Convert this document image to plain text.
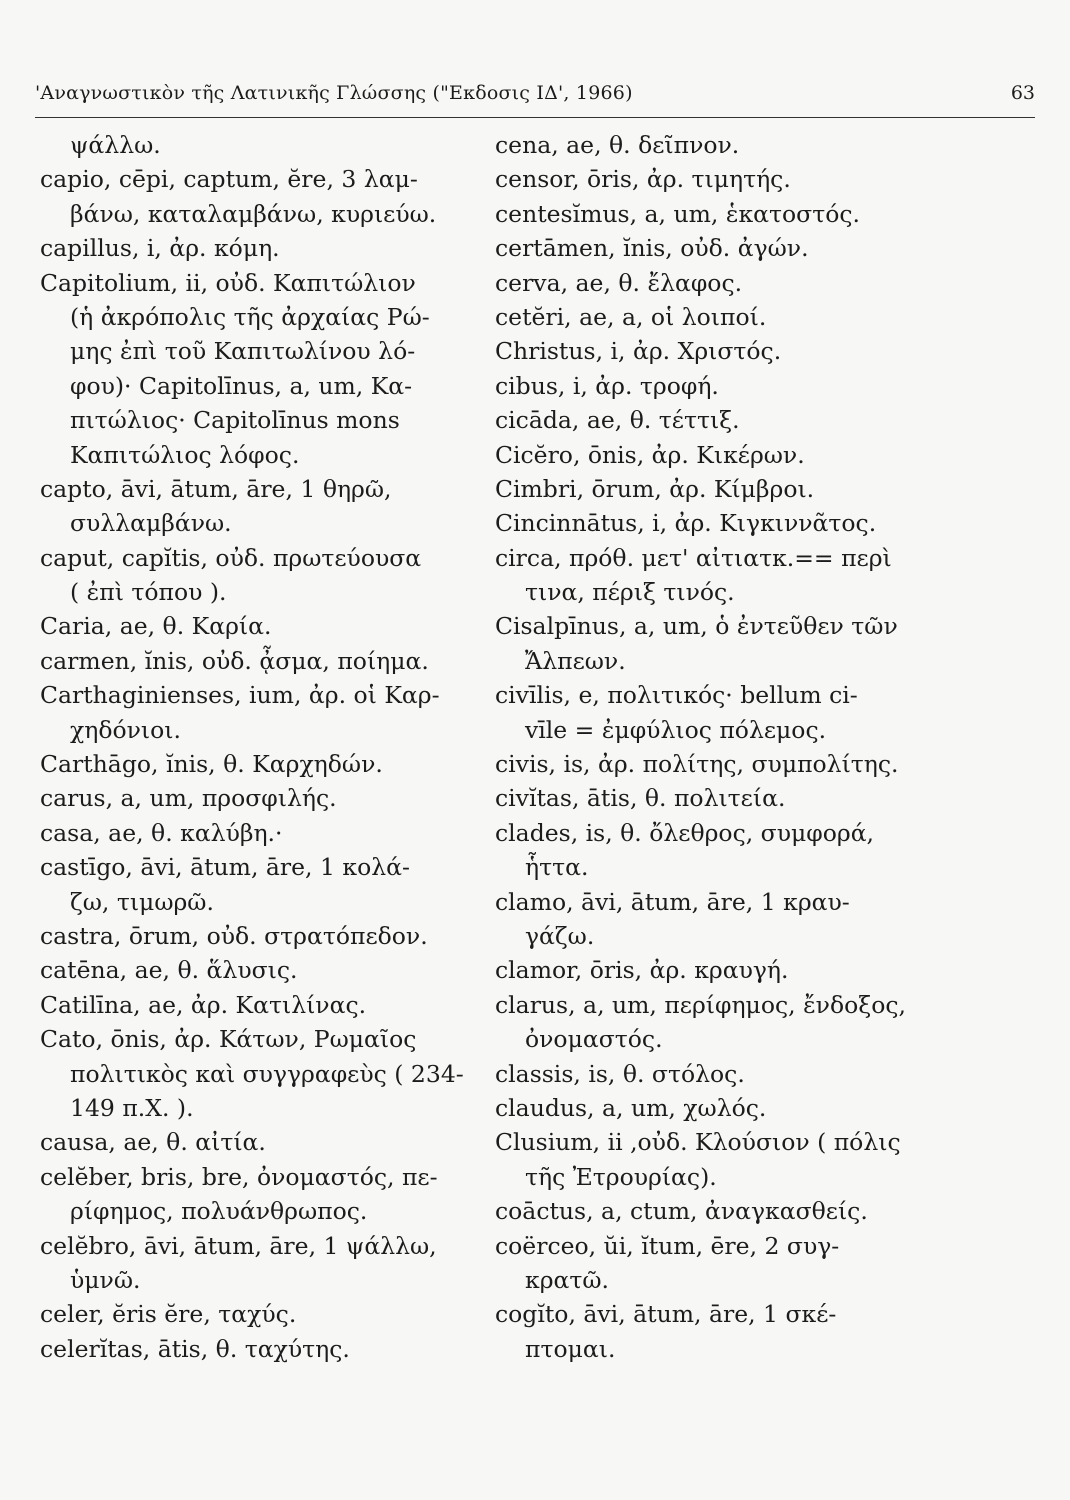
'Αναγνωστικὸν τῆς Λατινικῆς Γλώσσης ("Εκδοσις ΙΔ', 1966)	63
ψάλλω.
capio, cēpi, captum, ĕre, 3 λαμ-
βάνω, καταλαμβάνω, κυριεύω.
capillus, i, ἀρ. κόμη.
Capitolium, ii, οὐδ. Καπιτώλιον
(ἡ ἀκρόπολις τῆς ἀρχαίας Ρώ-
μης ἐπὶ τοῦ Καπιτωλίνου λό-
φου)· Capitolīnus, a, um, Κα-
πιτώλιος· Capitolīnus mons
Καπιτώλιος λόφος.
capto, āvi, ātum, āre, 1 θηρῶ,
συλλαμβάνω.
caput, capĭtis, οὐδ. πρωτεύουσα
( ἐπὶ τόπου ).
Caria, ae, θ. Καρία.
carmen, ĭnis, οὐδ. ᾆσμα, ποίημα.
Carthaginienses, ium, ἀρ. οἱ Καρ-
χηδόνιοι.
Carthāgo, ĭnis, θ. Καρχηδών.
carus, a, um, προσφιλής.
casa, ae, θ. καλύβη.·
castīgo, āvi, ātum, āre, 1 κολά-
ζω, τιμωρῶ.
castra, ōrum, οὐδ. στρατόπεδον.
catēna, ae, θ. ἅλυσις.
Catilīna, ae, ἀρ. Κατιλίνας.
Cato, ōnis, ἀρ. Κάτων, Ρωμαῖος
πολιτικὸς καὶ συγγραφεὺς ( 234-
149 π.Χ. ).
causa, ae, θ. αἰτία.
celĕber, bris, bre, ὀνομαστός, πε-
ρίφημος, πολυάνθρωπος.
celĕbro, āvi, ātum, āre, 1 ψάλλω,
ὑμνῶ.
celer, ĕris ĕre, ταχύς.
celerĭtas, ātis, θ. ταχύτης.
cena, ae, θ. δεῖπνον.
censor, ōris, ἀρ. τιμητής.
centesĭmus, a, um, ἑκατοστός.
certāmen, ĭnis, οὐδ. ἀγών.
cerva, ae, θ. ἔλαφος.
cetĕri, ae, a, οἱ λοιποί.
Christus, i, ἀρ. Χριστός.
cibus, i, ἀρ. τροφή.
cicāda, ae, θ. τέττιξ.
Cicĕro, ōnis, ἀρ. Κικέρων.
Cimbri, ōrum, ἀρ. Κίμβροι.
Cincinnātus, i, ἀρ. Κιγκιννᾶτος.
circa, πρόθ. μετ' αἰτιατκ.== περὶ
τινα, πέριξ τινός.
Cisalpīnus, a, um, ὁ ἐντεῦθεν τῶν
Ἄλπεων.
civīlis, e, πολιτικός· bellum ci-
vīle = ἐμφύλιος πόλεμος.
civis, is, ἀρ. πολίτης, συμπολίτης.
civĭtas, ātis, θ. πολιτεία.
clades, is, θ. ὄλεθρος, συμφορά,
ἧττα.
clamo, āvi, ātum, āre, 1 κραυ-
γάζω.
clamor, ōris, ἀρ. κραυγή.
clarus, a, um, περίφημος, ἔνδοξος,
ὀνομαστός.
classis, is, θ. στόλος.
claudus, a, um, χωλός.
Clusium, ii ,οὐδ. Κλούσιον ( πόλις
τῆς Ἐτρουρίας).
coāctus, a, ctum, ἀναγκασθείς.
coërceo, ŭi, ĭtum, ēre, 2 συγ-
κρατῶ.
cogĭto, āvi, ātum, āre, 1 σκέ-
πτομαι.
